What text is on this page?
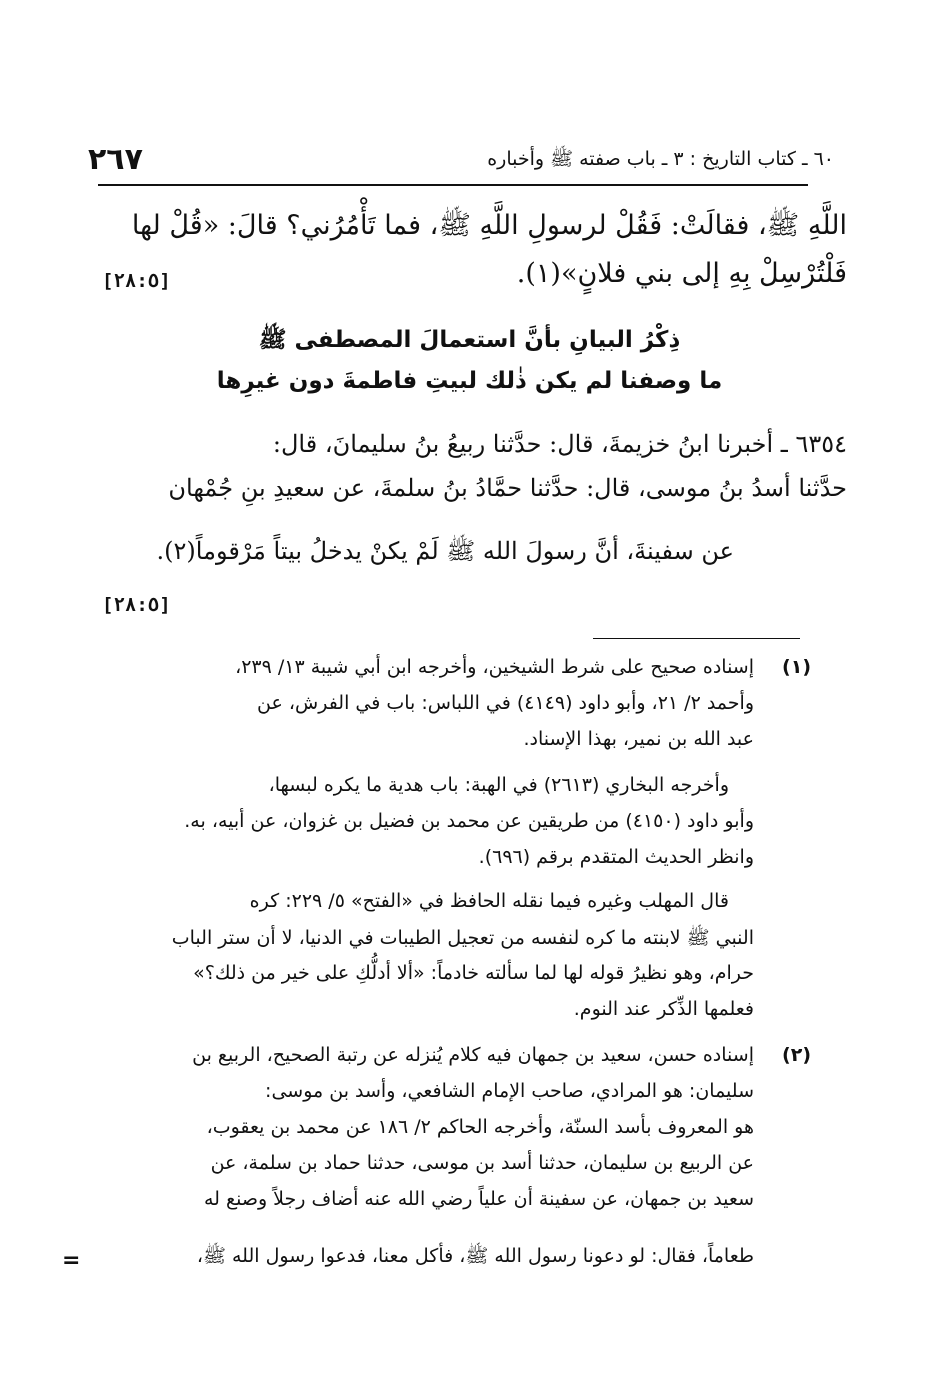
٢٦٧	٦٠ ـ كتاب التاريخ : ٣ ـ باب صفته ﷺ وأخباره
اللَّهِ ﷺ، فقالَتْ: فَقُلْ لرسولِ اللَّهِ ﷺ، فما تَأْمُرُني؟ قالَ: «قُلْ لها
فَلْتُرْسِلْ بِهِ إلى بني فلانٍ»(١).
[٢٨:٥]
ذِكْرُ البيانِ بأنَّ استعمالَ المصطفى ﷺ
ما وصفنا لم يكن ذٰلك لبيتِ فاطمةَ دون غيرِها
٦٣٥٤ ـ أخبرنا ابنُ خزيمةَ، قال: حدَّثنا ربيعُ بنُ سليمانَ، قال:
حدَّثنا أسدُ بنُ موسى، قال: حدَّثنا حمَّادُ بنُ سلمةَ، عن سعيدِ بنِ جُمْهان
عن سفينةَ، أنَّ رسولَ الله ﷺ لَمْ يكنْ يدخلُ بيتاً مَرْقوماً(٢).
[٢٨:٥]
(١)
إسناده صحيح على شرط الشيخين، وأخرجه ابن أبي شيبة ١٣/ ٢٣٩،
وأحمد ٢/ ٢١، وأبو داود (٤١٤٩) في اللباس: باب في الفرش، عن
عبد الله بن نمير، بهذا الإسناد.
وأخرجه البخاري (٢٦١٣) في الهبة: باب هدية ما يكره لبسها،
وأبو داود (٤١٥٠) من طريقين عن محمد بن فضيل بن غزوان، عن أبيه، به.
وانظر الحديث المتقدم برقم (٦٩٦).
قال المهلب وغيره فيما نقله الحافظ في «الفتح» ٥/ ٢٢٩: كره
النبي ﷺ لابنته ما كره لنفسه من تعجيل الطيبات في الدنيا، لا أن ستر الباب
حرام، وهو نظيرُ قوله لها لما سألته خادماً: «ألا أدلُّكِ على خير من ذلك؟»
فعلمها الذِّكر عند النوم.
(٢)
إسناده حسن، سعيد بن جمهان فيه كلام يُنزله عن رتبة الصحيح، الربيع بن
سليمان: هو المرادي، صاحب الإمام الشافعي، وأسد بن موسى:
هو المعروف بأسد السنّة، وأخرجه الحاكم ٢/ ١٨٦ عن محمد بن يعقوب،
عن الربيع بن سليمان، حدثنا أسد بن موسى، حدثنا حماد بن سلمة، عن
سعيد بن جمهان، عن سفينة أن علياً رضي الله عنه أضاف رجلاً وصنع له
طعاماً، فقال: لو دعونا رسول الله ﷺ، فأكل معنا، فدعوا رسول الله ﷺ،
=
